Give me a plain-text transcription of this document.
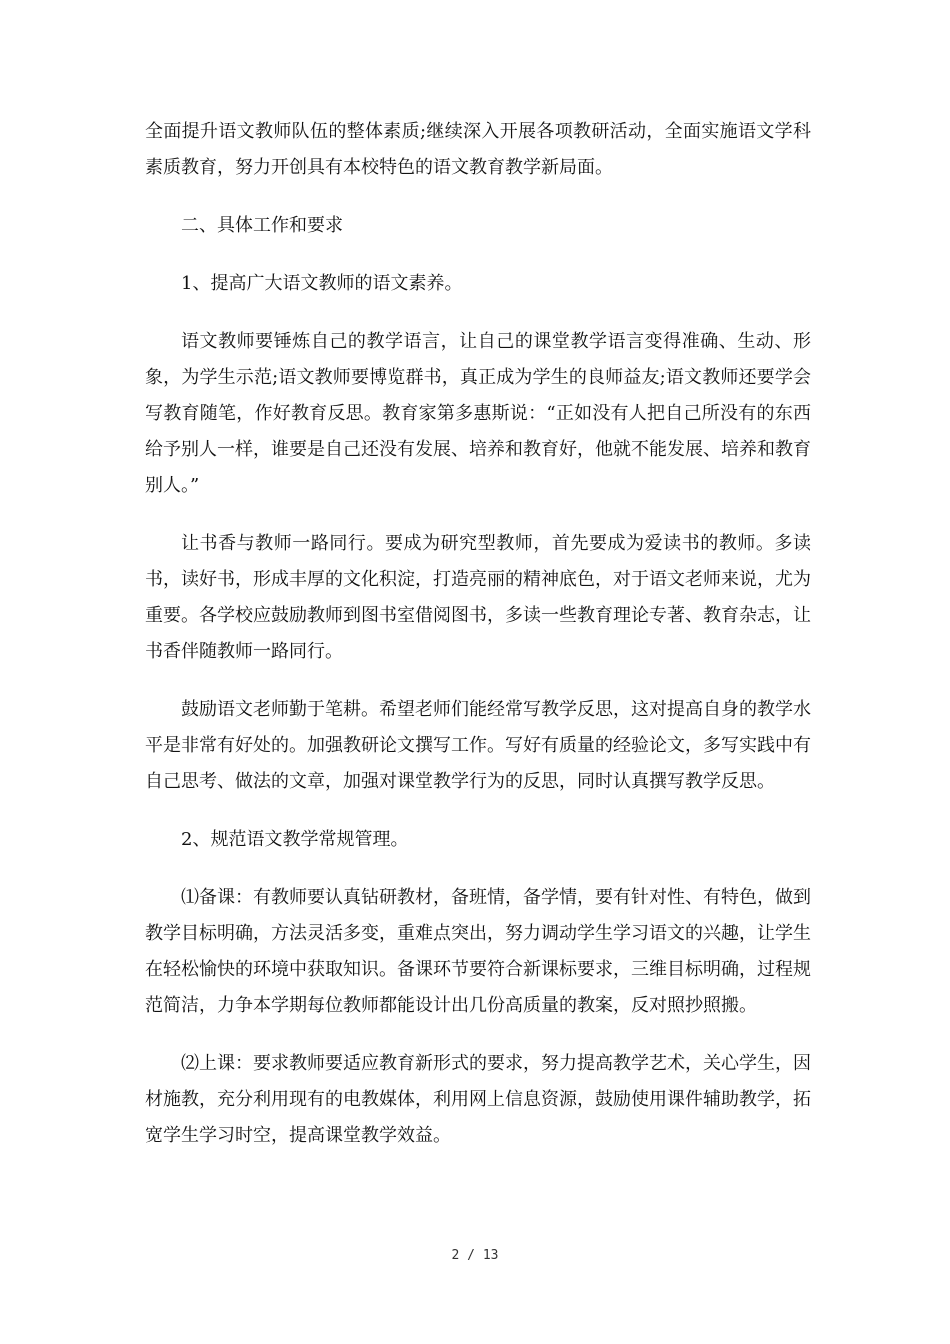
全面提升语文教师队伍的整体素质;继续深入开展各项教研活动，全面实施语文学科素质教育，努力开创具有本校特色的语文教育教学新局面。

二、具体工作和要求

1、提高广大语文教师的语文素养。

语文教师要锤炼自己的教学语言，让自己的课堂教学语言变得准确、生动、形象，为学生示范;语文教师要博览群书，真正成为学生的良师益友;语文教师还要学会写教育随笔，作好教育反思。教育家第多惠斯说：“正如没有人把自己所没有的东西给予别人一样，谁要是自己还没有发展、培养和教育好，他就不能发展、培养和教育别人。”

让书香与教师一路同行。要成为研究型教师，首先要成为爱读书的教师。多读书，读好书，形成丰厚的文化积淀，打造亮丽的精神底色，对于语文老师来说，尤为重要。各学校应鼓励教师到图书室借阅图书，多读一些教育理论专著、教育杂志，让书香伴随教师一路同行。

鼓励语文老师勤于笔耕。希望老师们能经常写教学反思，这对提高自身的教学水平是非常有好处的。加强教研论文撰写工作。写好有质量的经验论文，多写实践中有自己思考、做法的文章，加强对课堂教学行为的反思，同时认真撰写教学反思。

2、规范语文教学常规管理。

⑴备课：有教师要认真钻研教材，备班情，备学情，要有针对性、有特色，做到教学目标明确，方法灵活多变，重难点突出，努力调动学生学习语文的兴趣，让学生在轻松愉快的环境中获取知识。备课环节要符合新课标要求，三维目标明确，过程规范简洁，力争本学期每位教师都能设计出几份高质量的教案，反对照抄照搬。

⑵上课：要求教师要适应教育新形式的要求，努力提高教学艺术，关心学生，因材施教，充分利用现有的电教媒体，利用网上信息资源，鼓励使用课件辅助教学，拓宽学生学习时空，提高课堂教学效益。

2 / 13
